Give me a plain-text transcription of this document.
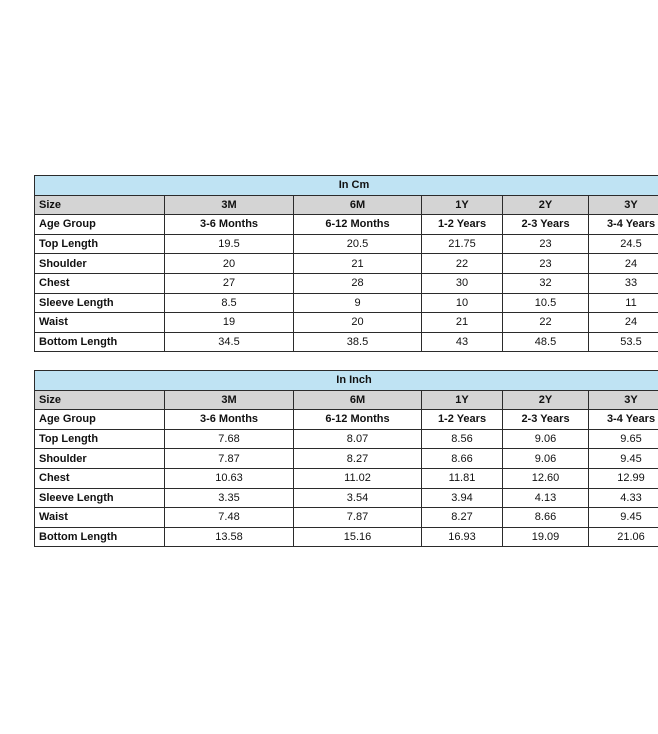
In Cm					
Size	3M	6M	1Y	2Y	3Y
Age Group	3-6 Months	6-12 Months	1-2 Years	2-3 Years	3-4 Years
Top Length	19.5	20.5	21.75	23	24.5
Shoulder	20	21	22	23	24
Chest	27	28	30	32	33
Sleeve Length	8.5	9	10	10.5	11
Waist	19	20	21	22	24
Bottom Length	34.5	38.5	43	48.5	53.5
In Inch					
Size	3M	6M	1Y	2Y	3Y
Age Group	3-6 Months	6-12 Months	1-2 Years	2-3 Years	3-4 Years
Top Length	7.68	8.07	8.56	9.06	9.65
Shoulder	7.87	8.27	8.66	9.06	9.45
Chest	10.63	11.02	11.81	12.60	12.99
Sleeve Length	3.35	3.54	3.94	4.13	4.33
Waist	7.48	7.87	8.27	8.66	9.45
Bottom Length	13.58	15.16	16.93	19.09	21.06
